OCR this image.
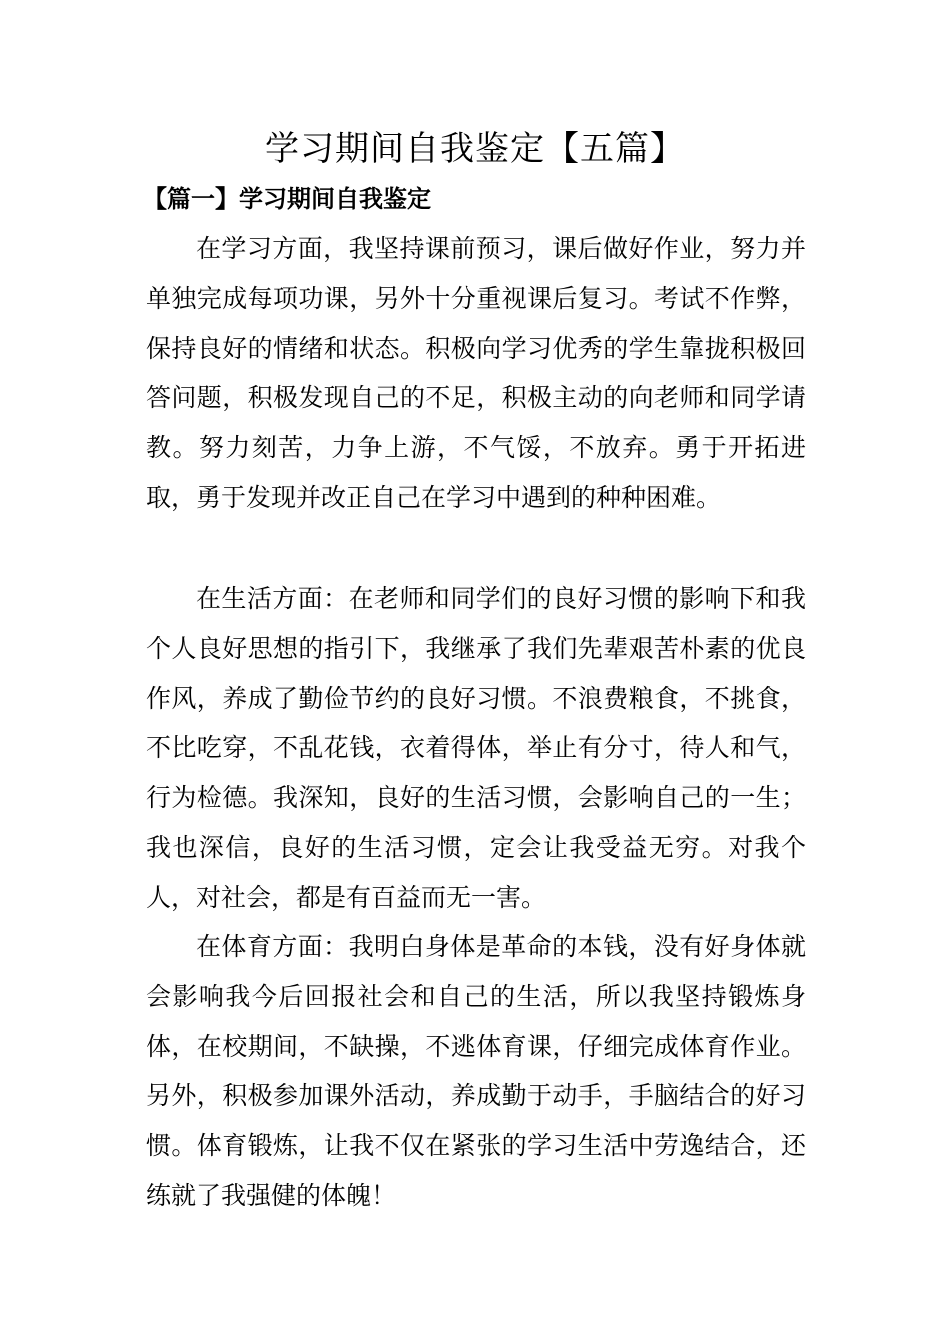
学习期间自我鉴定【五篇】
【篇一】学习期间自我鉴定

在学习方面，我坚持课前预习，课后做好作业，努力并单独完成每项功课，另外十分重视课后复习。考试不作弊，保持良好的情绪和状态。积极向学习优秀的学生靠拢积极回答问题，积极发现自己的不足，积极主动的向老师和同学请教。努力刻苦，力争上游，不气馁，不放弃。勇于开拓进取，勇于发现并改正自己在学习中遇到的种种困难。

在生活方面：在老师和同学们的良好习惯的影响下和我个人良好思想的指引下，我继承了我们先辈艰苦朴素的优良作风，养成了勤俭节约的良好习惯。不浪费粮食，不挑食，不比吃穿，不乱花钱，衣着得体，举止有分寸，待人和气，行为检德。我深知，良好的生活习惯，会影响自己的一生；我也深信，良好的生活习惯，定会让我受益无穷。对我个人，对社会，都是有百益而无一害。

在体育方面：我明白身体是革命的本钱，没有好身体就会影响我今后回报社会和自己的生活，所以我坚持锻炼身体，在校期间，不缺操，不逃体育课，仔细完成体育作业。另外，积极参加课外活动，养成勤于动手，手脑结合的好习惯。体育锻炼，让我不仅在紧张的学习生活中劳逸结合，还练就了我强健的体魄！
